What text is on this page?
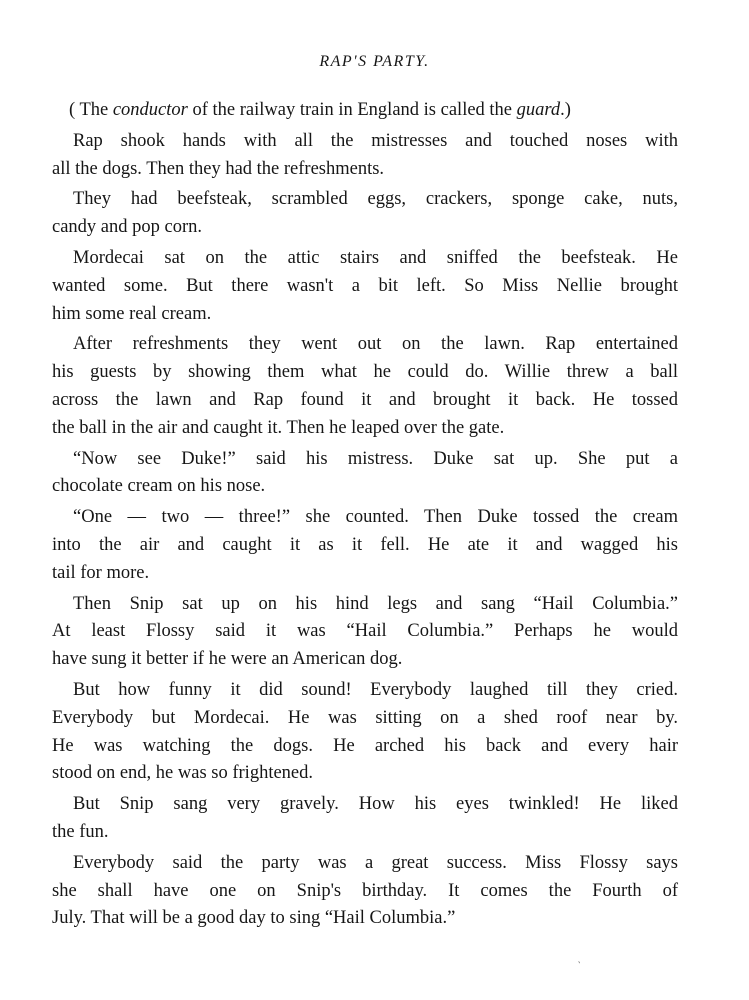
RAP'S PARTY.
( The conductor of the railway train in England is called the guard.)
Rap shook hands with all the mistresses and touched noses with
all the dogs. Then they had the refreshments.
They had beefsteak, scrambled eggs, crackers, sponge cake, nuts,
candy and pop corn.
Mordecai sat on the attic stairs and sniffed the beefsteak. He
wanted some. But there wasn't a bit left. So Miss Nellie brought
him some real cream.
After refreshments they went out on the lawn. Rap entertained
his guests by showing them what he could do. Willie threw a ball
across the lawn and Rap found it and brought it back. He tossed
the ball in the air and caught it. Then he leaped over the gate.
“Now see Duke!” said his mistress. Duke sat up. She put a
chocolate cream on his nose.
“One — two — three!” she counted. Then Duke tossed the cream
into the air and caught it as it fell. He ate it and wagged his
tail for more.
Then Snip sat up on his hind legs and sang “Hail Columbia.”
At least Flossy said it was “Hail Columbia.” Perhaps he would
have sung it better if he were an American dog.
But how funny it did sound! Everybody laughed till they cried.
Everybody but Mordecai. He was sitting on a shed roof near by.
He was watching the dogs. He arched his back and every hair
stood on end, he was so frightened.
But Snip sang very gravely. How his eyes twinkled! He liked
the fun.
Everybody said the party was a great success. Miss Flossy says
she shall have one on Snip's birthday. It comes the Fourth of
July. That will be a good day to sing “Hail Columbia.”
‵
